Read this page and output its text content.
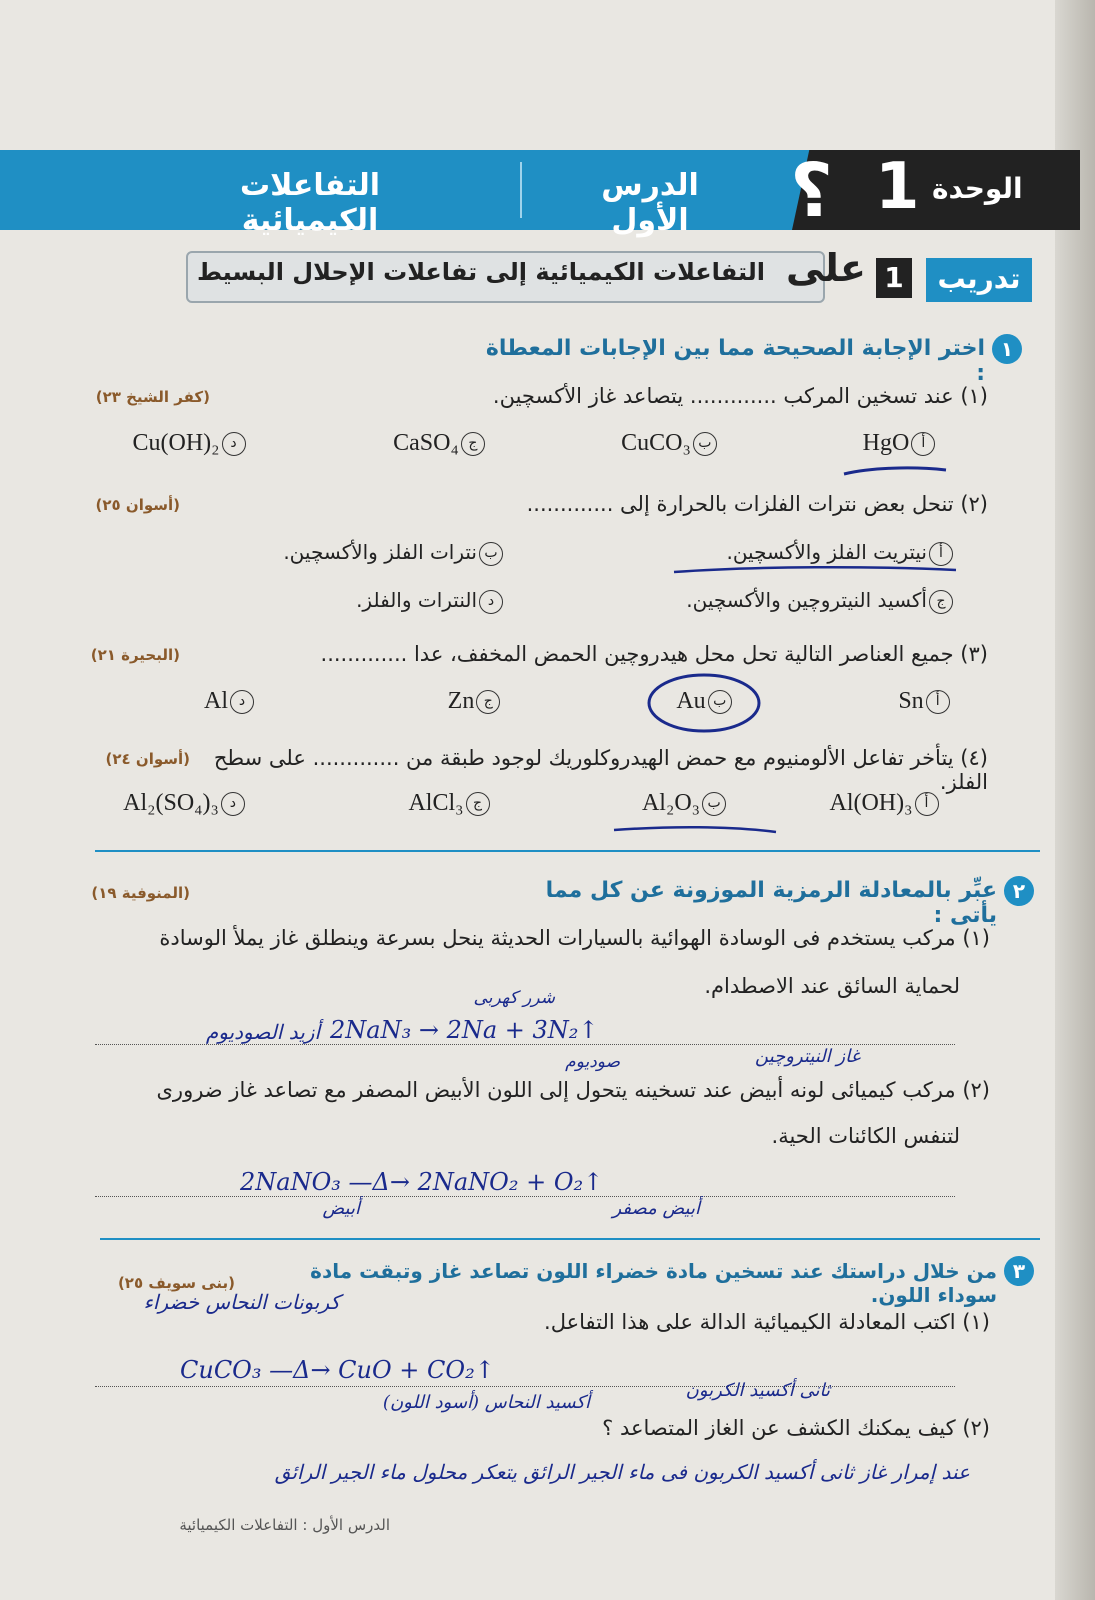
التفاعلات الكيميائية
الدرس الأول	؟ 1 الوحدة
التفاعلات الكيميائية إلى تفاعلات الإحلال البسيط على 1	تدريب
١
اختر الإجابة الصحيحة مما بين الإجابات المعطاة :
(١) عند تسخين المركب ............. يتصاعد غاز الأكسچين.
(كفر الشيخ ٢٣)
HgO أ
CuCO₃ ب
CaSO₄ ج
Cu(OH)₂ د
(٢) تنحل بعض نترات الفلزات بالحرارة إلى .............
(أسوان ٢٥)
أنيتريت الفلز والأكسچين.
بنترات الفلز والأكسچين.
جأكسيد النيتروچين والأكسچين.
دالنترات والفلز.
(٣) جميع العناصر التالية تحل محل هيدروچين الحمض المخفف، عدا .............
(البحيرة ٢١)
Sn أ
Au ب
Zn ج
Al د
(٤) يتأخر تفاعل الألومنيوم مع حمض الهيدروكلوريك لوجود طبقة من ............. على سطح الفلز.
(أسوان ٢٤)
Al(OH)₃ أ
Al₂O₃ ب
AlCl₃ ج
Al₂(SO₄)₃ د
٢
عبِّر بالمعادلة الرمزية الموزونة عن كل مما يأتى :
(المنوفية ١٩)
(١) مركب يستخدم فى الوسادة الهوائية بالسيارات الحديثة ينحل بسرعة وينطلق غاز يملأ الوسادة
لحماية السائق عند الاصطدام.
2NaN₃ → 2Na + 3N₂↑
أزيد الصوديوم
شرر كهربى
صوديوم	غاز النيتروچين
(٢) مركب كيميائى لونه أبيض عند تسخينه يتحول إلى اللون الأبيض المصفر مع تصاعد غاز ضرورى
لتنفس الكائنات الحية.
2NaNO₃ —Δ→ 2NaNO₂ + O₂↑
أبيض	أبيض مصفر
٣
من خلال دراستك عند تسخين مادة خضراء اللون تصاعد غاز وتبقت مادة سوداء اللون.
(بنى سويف ٢٥)
(١) اكتب المعادلة الكيميائية الدالة على هذا التفاعل.
كربونات النحاس خضراء
CuCO₃ —Δ→ CuO + CO₂↑
أكسيد النحاس (أسود اللون)
ثانى أكسيد الكربون
(٢) كيف يمكنك الكشف عن الغاز المتصاعد ؟
عند إمرار غاز ثانى أكسيد الكربون فى ماء الجير الرائق يتعكر محلول ماء الجير الرائق
الدرس الأول : التفاعلات الكيميائية
